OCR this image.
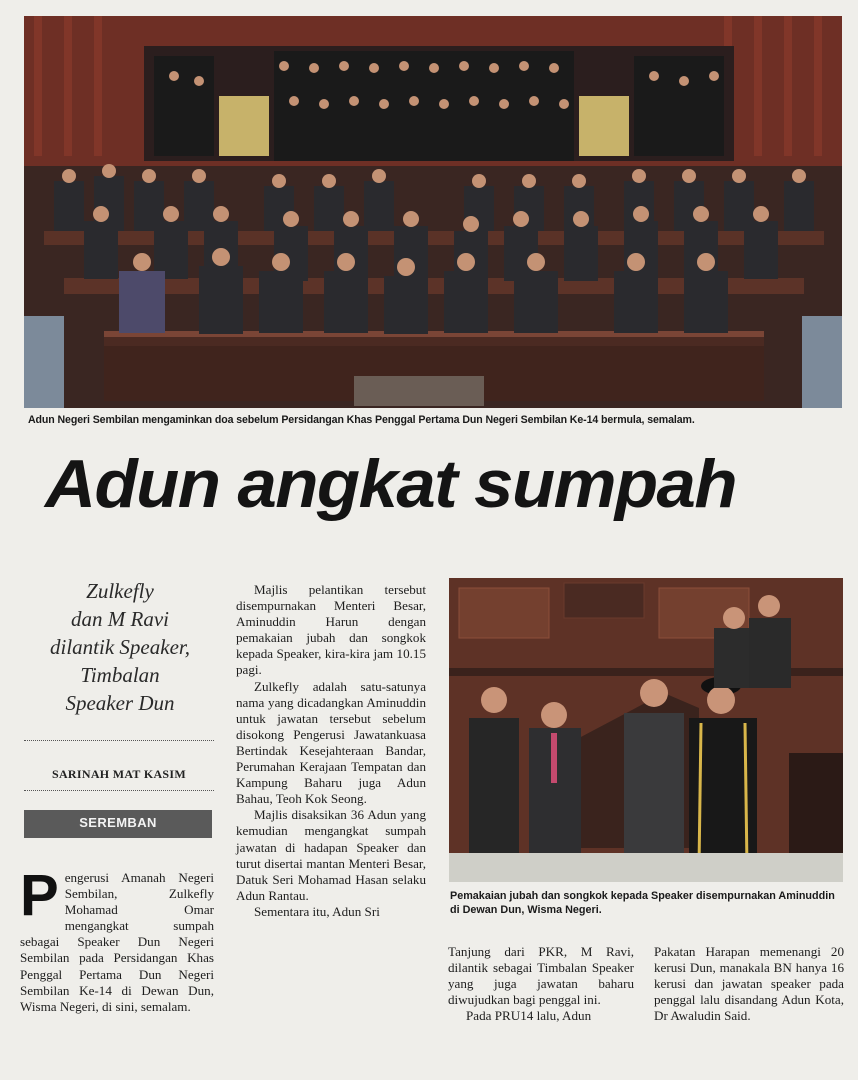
Adun Negeri Sembilan mengaminkan doa sebelum Persidangan Khas Penggal Pertama Dun Negeri Sembilan Ke-14 bermula, semalam.
Adun angkat sumpah
Zulkefly
dan M Ravi
dilantik Speaker,
Timbalan
Speaker Dun
SARINAH MAT KASIM
SEREMBAN
P engerusi Amanah Negeri Sembilan, Zulkefly Mohamad Omar mengangkat sumpah sebagai Speaker Dun Negeri Sembilan pada Persidangan Khas Penggal Pertama Dun Negeri Sembilan Ke-14 di Dewan Dun, Wisma Negeri, di sini, semalam.

Majlis pelantikan tersebut disempurnakan Menteri Besar, Aminuddin Harun dengan pemakaian jubah dan songkok kepada Speaker, kira-kira jam 10.15 pagi.

Zulkefly adalah satu-satunya nama yang dicadangkan Aminuddin untuk jawatan tersebut sebelum disokong Pengerusi Jawatankuasa Bertindak Kesejahteraan Bandar, Perumahan Kerajaan Tempatan dan Kampung Baharu juga Adun Bahau, Teoh Kok Seong.

Majlis disaksikan 36 Adun yang kemudian mengangkat sumpah jawatan di hadapan Speaker dan turut disertai mantan Menteri Besar, Datuk Seri Mohamad Hasan selaku Adun Rantau.

Sementara itu, Adun Sri

Pemakaian jubah dan songkok kepada Speaker disempurnakan Aminuddin di Dewan Dun, Wisma Negeri.

Tanjung dari PKR, M Ravi, dilantik sebagai Timbalan Speaker yang juga jawatan baharu diwujudkan bagi penggal ini.

Pada PRU14 lalu, Adun

Pakatan Harapan memenangi 20 kerusi Dun, manakala BN hanya 16 kerusi dan jawatan speaker pada penggal lalu disandang Adun Kota, Dr Awaludin Said.
